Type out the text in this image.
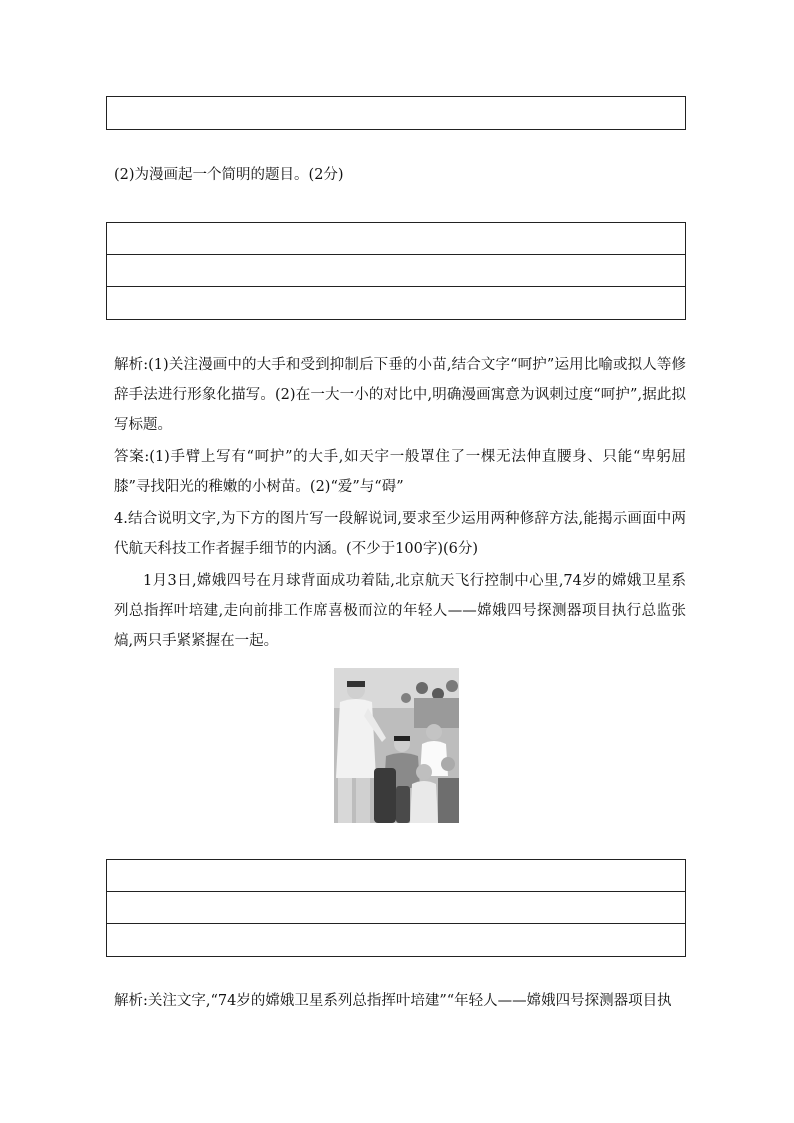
(2)为漫画起一个简明的题目。(2分)
解析:(1)关注漫画中的大手和受到抑制后下垂的小苗,结合文字“呵护”运用比喻或拟人等修辞手法进行形象化描写。(2)在一大一小的对比中,明确漫画寓意为讽刺过度“呵护”,据此拟写标题。
答案:(1)手臂上写有“呵护”的大手,如天宇一般罩住了一棵无法伸直腰身、只能“卑躬屈膝”寻找阳光的稚嫩的小树苗。(2)“爱”与“碍”
4.结合说明文字,为下方的图片写一段解说词,要求至少运用两种修辞方法,能揭示画面中两代航天科技工作者握手细节的内涵。(不少于100字)(6分)
1月3日,嫦娥四号在月球背面成功着陆,北京航天飞行控制中心里,74岁的嫦娥卫星系列总指挥叶培建,走向前排工作席喜极而泣的年轻人——嫦娥四号探测器项目执行总监张熇,两只手紧紧握在一起。
解析:关注文字,“74岁的嫦娥卫星系列总指挥叶培建”“年轻人——嫦娥四号探测器项目执
